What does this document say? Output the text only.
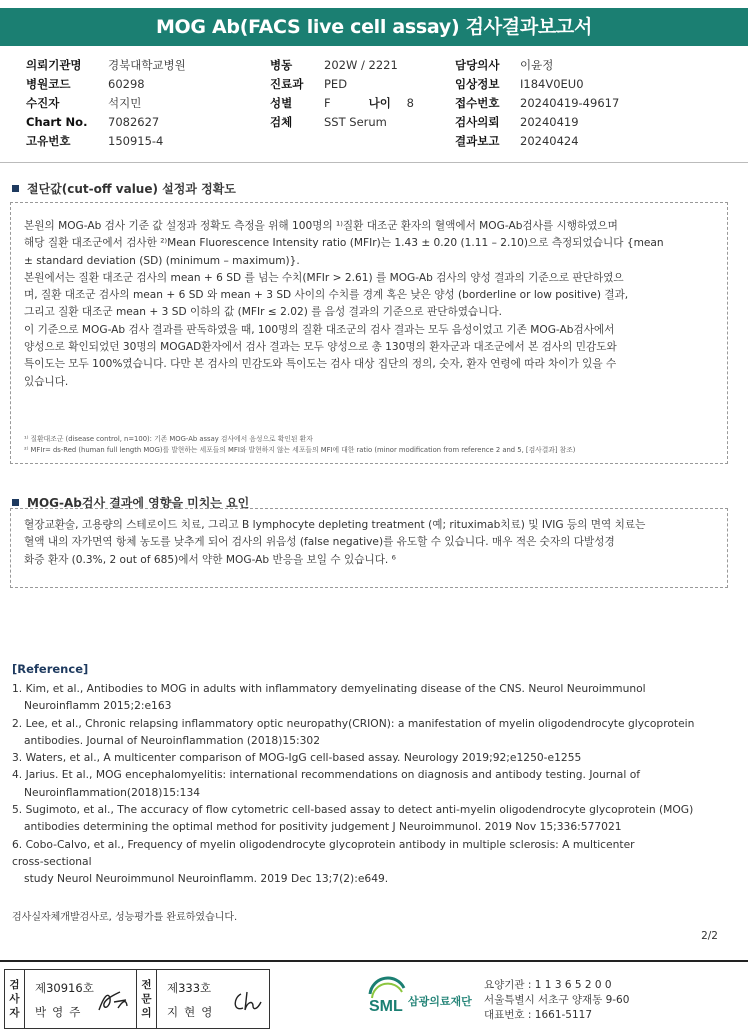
MOG Ab(FACS live cell assay) 검사결과보고서
의뢰기관명	경북대학교병원
병원코드	60298
수진자	석지민
Chart No.	7082627
고유번호	150915-4
병동	202W / 2221
진료과	PED
성별	F	나이	8
검체	SST Serum
담당의사	이윤정
임상정보	I184V0EU0
접수번호	20240419-49617
검사의뢰	20240419
결과보고	20240424
절단값(cut-off value) 설정과 정확도

본원의 MOG-Ab 검사 기준 값 설정과 정확도 측정을 위해 100명의 ¹⁾질환 대조군 환자의 혈액에서 MOG-Ab검사를 시행하였으며

해당 질환 대조군에서 검사한 ²⁾Mean Fluorescence Intensity ratio (MFIr)는 1.43 ± 0.20 (1.11 – 2.10)으로 측정되었습니다 {mean

± standard deviation (SD) (minimum – maximum)}.

본원에서는 질환 대조군 검사의 mean + 6 SD 를 넘는 수치(MFIr > 2.61) 를 MOG-Ab 검사의 양성 결과의 기준으로 판단하였으

며, 질환 대조군 검사의 mean + 6 SD 와 mean + 3 SD 사이의 수치를 경계 혹은 낮은 양성 (borderline or low positive) 결과,

그리고 질환 대조군 mean + 3 SD 이하의 값 (MFIr ≤ 2.02) 를 음성 결과의 기준으로 판단하였습니다.

이 기준으로 MOG-Ab 검사 결과를 판독하였을 때, 100명의 질환 대조군의 검사 결과는 모두 음성이었고 기존 MOG-Ab검사에서

양성으로 확인되었던 30명의 MOGAD환자에서 검사 결과는 모두 양성으로 총 130명의 환자군과 대조군에서 본 검사의 민감도와

특이도는 모두 100%였습니다. 다만 본 검사의 민감도와 특이도는 검사 대상 집단의 정의, 숫자, 환자 연령에 따라 차이가 있을 수

있습니다.

¹⁾ 질환대조군 (disease control, n=100): 기존 MOG-Ab assay 검사에서 음성으로 확인된 환자

²⁾ MFIr= ds-Red (human full length MOG)를 발현하는 세포들의 MFI와 발현하지 않는 세포들의 MFI에 대한 ratio (minor modification from reference 2 and 5, [검사결과] 참조)

MOG-Ab검사 결과에 영향을 미치는 요인

혈장교환술, 고용량의 스테로이드 치료, 그리고 B lymphocyte depleting treatment (예; rituximab치료) 및 IVIG 등의 면역 치료는

혈액 내의 자가면역 항체 농도를 낮추게 되어 검사의 위음성 (false negative)를 유도할 수 있습니다. 매우 적은 숫자의 다발성경

화증 환자 (0.3%, 2 out of 685)에서 약한 MOG-Ab 반응을 보일 수 있습니다. ⁶

[Reference]
1. Kim, et al., Antibodies to MOG in adults with inflammatory demyelinating disease of the CNS. Neurol Neuroimmunol
Neuroinflamm 2015;2:e163
2. Lee, et al., Chronic relapsing inflammatory optic neuropathy(CRION): a manifestation of myelin oligodendrocyte glycoprotein
antibodies. Journal of Neuroinflammation (2018)15:302
3. Waters, et al., A multicenter comparison of MOG-IgG cell-based assay. Neurology 2019;92;e1250-e1255
4. Jarius. Et al., MOG encephalomyelitis: international recommendations on diagnosis and antibody testing. Journal of
Neuroinflammation(2018)15:134
5. Sugimoto, et al., The accuracy of flow cytometric cell-based assay to detect anti-myelin oligodendrocyte glycoprotein (MOG)
antibodies determining the optimal method for positivity judgement J Neuroimmunol. 2019 Nov 15;336:577021
6. Cobo-Calvo, et al., Frequency of myelin oligodendrocyte glycoprotein antibody in multiple sclerosis: A multicenter
cross-sectional
study Neurol Neuroimmunol Neuroinflamm. 2019 Dec 13;7(2):e649.
검사실자체개발검사로, 성능평가를 완료하였습니다.
2/2
검
사
자
제30916호
박영주
전
문
의
제333호
지현영	SML 삼광의료재단
요양기관 : 1 1 3 6 5 2 0 0
서울특별시 서초구 양재동 9-60
대표번호 : 1661-5117
